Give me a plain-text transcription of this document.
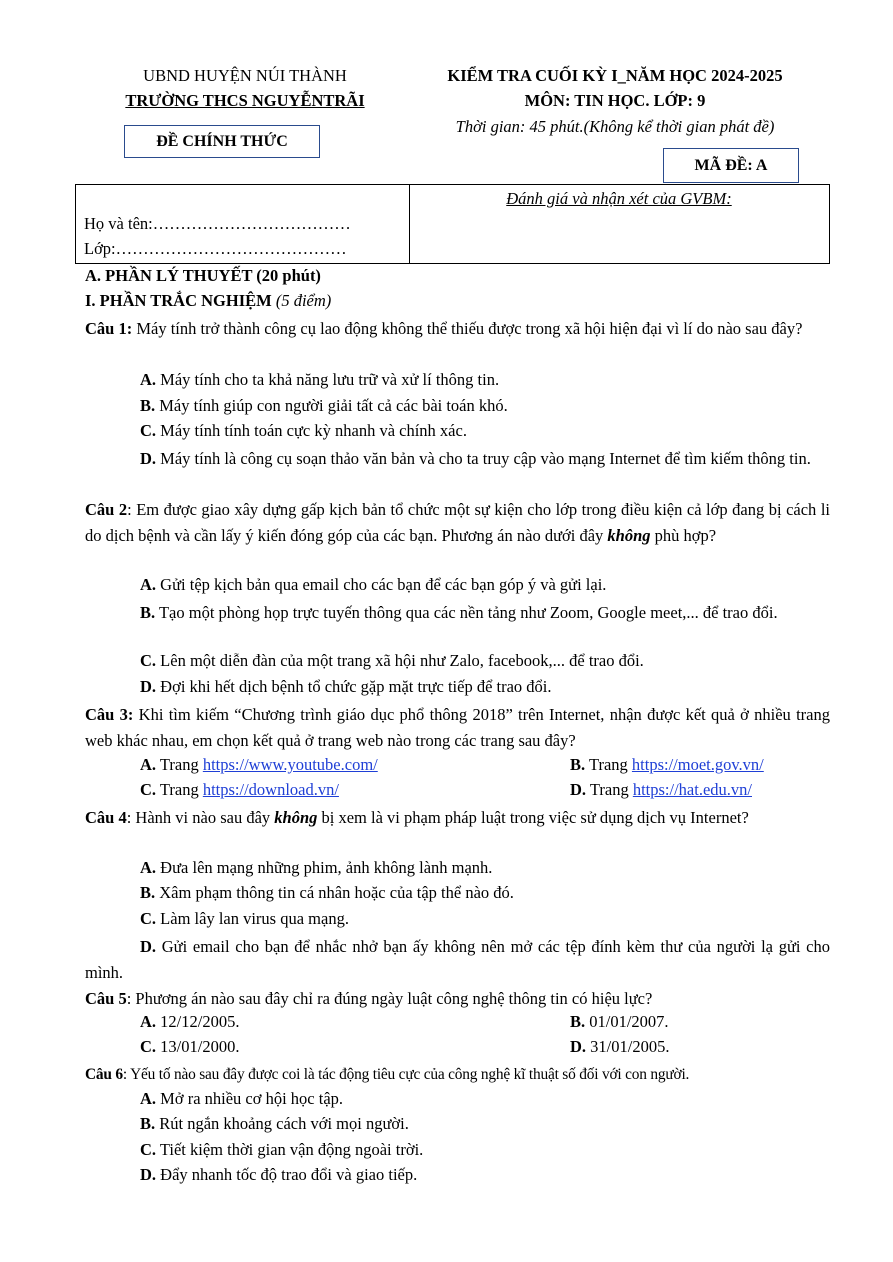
UBND HUYỆN NÚI THÀNH
TRƯỜNG THCS NGUYỄNTRÃI
ĐỀ CHÍNH THỨC
KIỂM TRA CUỐI KỲ I_NĂM HỌC 2024-2025
MÔN: TIN HỌC. LỚP: 9
Thời gian: 45 phút.(Không kể thời gian phát đề)
MÃ ĐỀ: A
Họ và tên:………………………………
Lớp:……………………………………
Đánh giá và nhận xét của GVBM:
A. PHẦN LÝ THUYẾT (20 phút)
I. PHẦN TRẮC NGHIỆM (5 điểm)
Câu 1: Máy tính trở thành công cụ lao động không thể thiếu được trong xã hội hiện đại vì lí do nào sau đây?
A. Máy tính cho ta khả năng lưu trữ và xử lí thông tin.
B. Máy tính giúp con người giải tất cả các bài toán khó.
C. Máy tính tính toán cực kỳ nhanh và chính xác.
D. Máy tính là công cụ soạn thảo văn bản và cho ta truy cập vào mạng Internet để tìm kiếm thông tin.
Câu 2: Em được giao xây dựng gấp kịch bản tổ chức một sự kiện cho lớp trong điều kiện cả lớp đang bị cách li do dịch bệnh và cần lấy ý kiến đóng góp của các bạn. Phương án nào dưới đây không phù hợp?
A. Gửi tệp kịch bản qua email cho các bạn để các bạn góp ý và gửi lại.
B. Tạo một phòng họp trực tuyến thông qua các nền tảng như Zoom, Google meet,... để trao đổi.
C. Lên một diễn đàn của một trang xã hội như Zalo, facebook,... để trao đổi.
D. Đợi khi hết dịch bệnh tổ chức gặp mặt trực tiếp để trao đổi.
Câu 3: Khi tìm kiếm “Chương trình giáo dục phổ thông 2018” trên Internet, nhận được kết quả ở nhiều trang web khác nhau, em chọn kết quả ở trang web nào trong các trang sau đây?
A. Trang https://www.youtube.com/	B. Trang https://moet.gov.vn/
C. Trang https://download.vn/	D. Trang https://hat.edu.vn/
Câu 4: Hành vi nào sau đây không bị xem là vi phạm pháp luật trong việc sử dụng dịch vụ Internet?
A. Đưa lên mạng những phim, ảnh không lành mạnh.
B. Xâm phạm thông tin cá nhân hoặc của tập thể nào đó.
C. Làm lây lan virus qua mạng.
D. Gửi email cho bạn để nhắc nhở bạn ấy không nên mở các tệp đính kèm thư của người lạ gửi cho mình.
Câu 5: Phương án nào sau đây chỉ ra đúng ngày luật công nghệ thông tin có hiệu lực?
A. 12/12/2005.	B. 01/01/2007.
C. 13/01/2000.	D. 31/01/2005.
Câu 6: Yếu tố nào sau đây được coi là tác động tiêu cực của công nghệ kĩ thuật số đối với con người.
A. Mở ra nhiều cơ hội học tập.
B. Rút ngắn khoảng cách với mọi người.
C. Tiết kiệm thời gian vận động ngoài trời.
D. Đẩy nhanh tốc độ trao đổi và giao tiếp.
